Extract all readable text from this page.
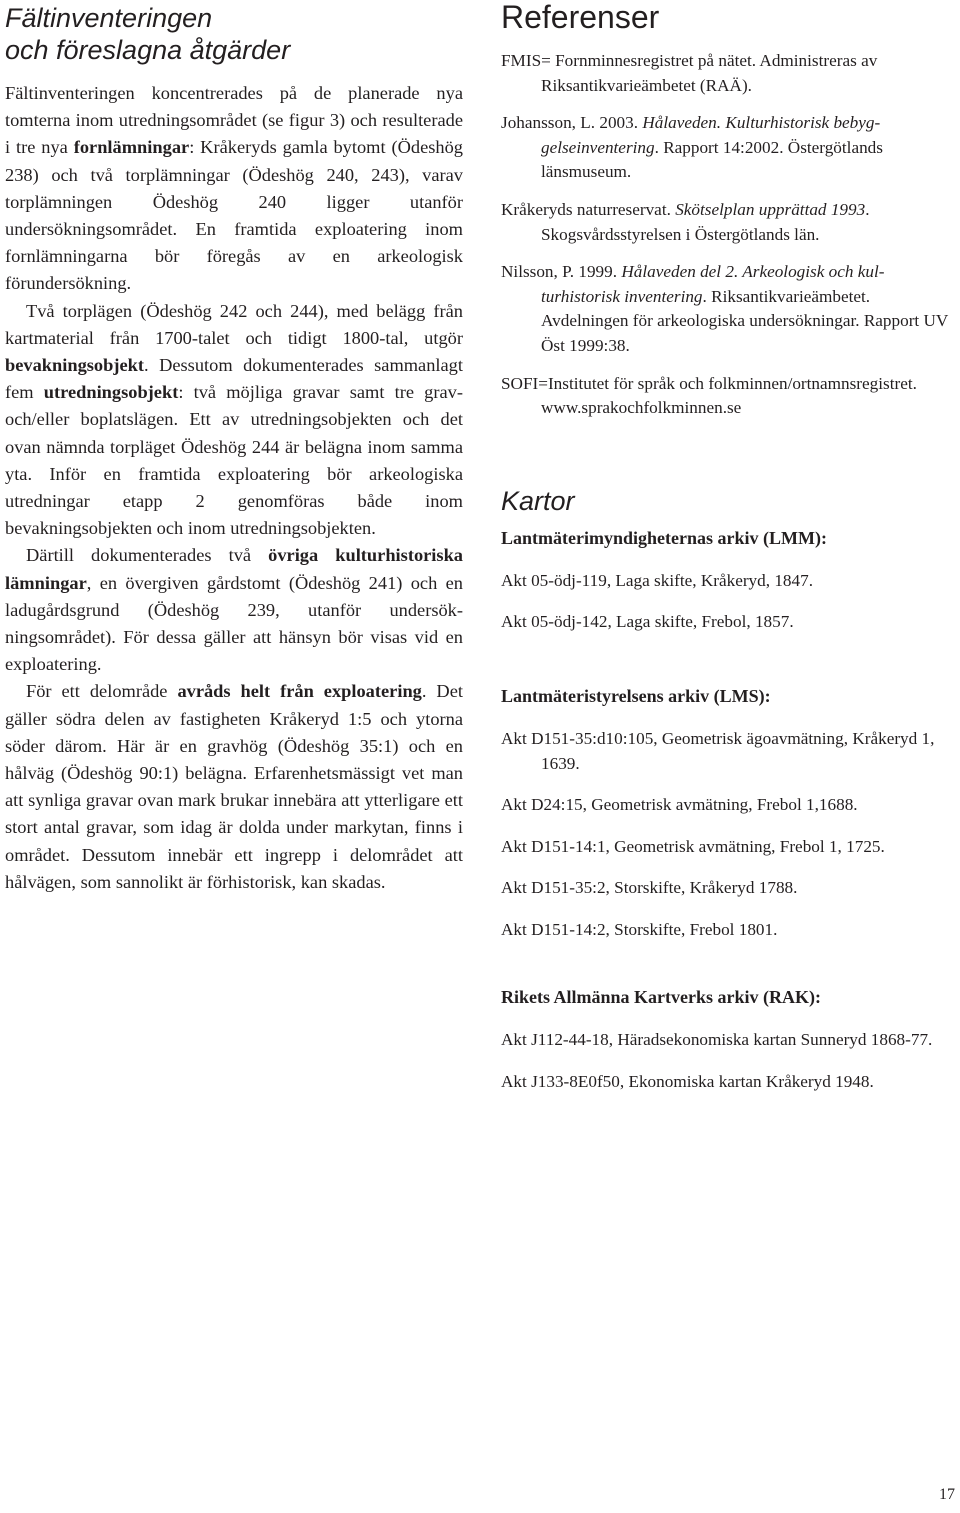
Fältinventeringen
och föreslagna åtgärder

Fältinventeringen koncentrerades på de planerade nya tomterna inom utredningsområdet (se figur 3) och resulterade i tre nya fornlämningar: Kråkeryds gamla bytomt (Ödeshög 238) och två torplämningar (Ödeshög 240, 243), varav torplämningen Ödeshög 240 ligger utanför undersökningsområdet. En framtida exploatering inom fornlämningarna bör föregås av en arkeologisk förundersökning.

Två torplägen (Ödeshög 242 och 244), med belägg från kartmaterial från 1700-talet och tidigt 1800-tal, utgör bevakningsobjekt. Dessutom dokumenterades sammanlagt fem utredningsobjekt: två möjliga gravar samt tre grav- och/eller boplatslägen. Ett av utredningsobjekten och det ovan nämnda torpläget Ödeshög 244 är belägna inom samma yta. Inför en framtida exploatering bör arkeologiska utredningar etapp 2 genomföras både inom bevakningsobjekten och inom utredningsobjekten.

Därtill dokumenterades två övriga kulturhistoriska lämningar, en övergiven gårdstomt (Ödeshög 241) och en ladugårdsgrund (Ödeshög 239, utanför undersökningsområdet). För dessa gäller att hänsyn bör visas vid en exploatering.

För ett delområde avråds helt från exploatering. Det gäller södra delen av fastigheten Kråkeryd 1:5 och ytorna söder därom. Här är en gravhög (Ödeshög 35:1) och en hålväg (Ödeshög 90:1) belägna. Erfarenhetsmässigt vet man att synliga gravar ovan mark brukar innebära att ytterligare ett stort antal gravar, som idag är dolda under markytan, finns i området. Dessutom innebär ett ingrepp i delområdet att hålvägen, som sannolikt är förhistorisk, kan skadas.

Referenser

FMIS= Fornminnesregistret på nätet. Administreras av Riksantikvarieämbetet (RAÄ).

Johansson, L. 2003. Hålaveden. Kulturhistorisk bebyggelseinventering. Rapport 14:2002. Östergötlands länsmuseum.

Kråkeryds naturreservat. Skötselplan upprättad 1993. Skogsvårdsstyrelsen i Östergötlands län.

Nilsson, P. 1999. Hålaveden del 2. Arkeologisk och kulturhistorisk inventering. Riksantikvarieämbetet. Avdelningen för arkeologiska undersökningar. Rapport UV Öst 1999:38.

SOFI=Institutet för språk och folkminnen/ortnamnsregistret. www.sprakochfolkminnen.se

Kartor

Lantmäterimyndigheternas arkiv (LMM):

Akt 05-ödj-119, Laga skifte, Kråkeryd, 1847.

Akt 05-ödj-142, Laga skifte, Frebol, 1857.

Lantmäteristyrelsens arkiv (LMS):

Akt D151-35:d10:105, Geometrisk ägoavmätning, Kråkeryd 1, 1639.

Akt D24:15, Geometrisk avmätning, Frebol 1,1688.

Akt D151-14:1, Geometrisk avmätning, Frebol 1, 1725.

Akt D151-35:2, Storskifte, Kråkeryd 1788.

Akt D151-14:2, Storskifte, Frebol 1801.

Rikets Allmänna Kartverks arkiv (RAK):

Akt J112-44-18, Häradsekonomiska kartan Sunneryd 1868-77.

Akt J133-8E0f50, Ekonomiska kartan Kråkeryd 1948.

17
